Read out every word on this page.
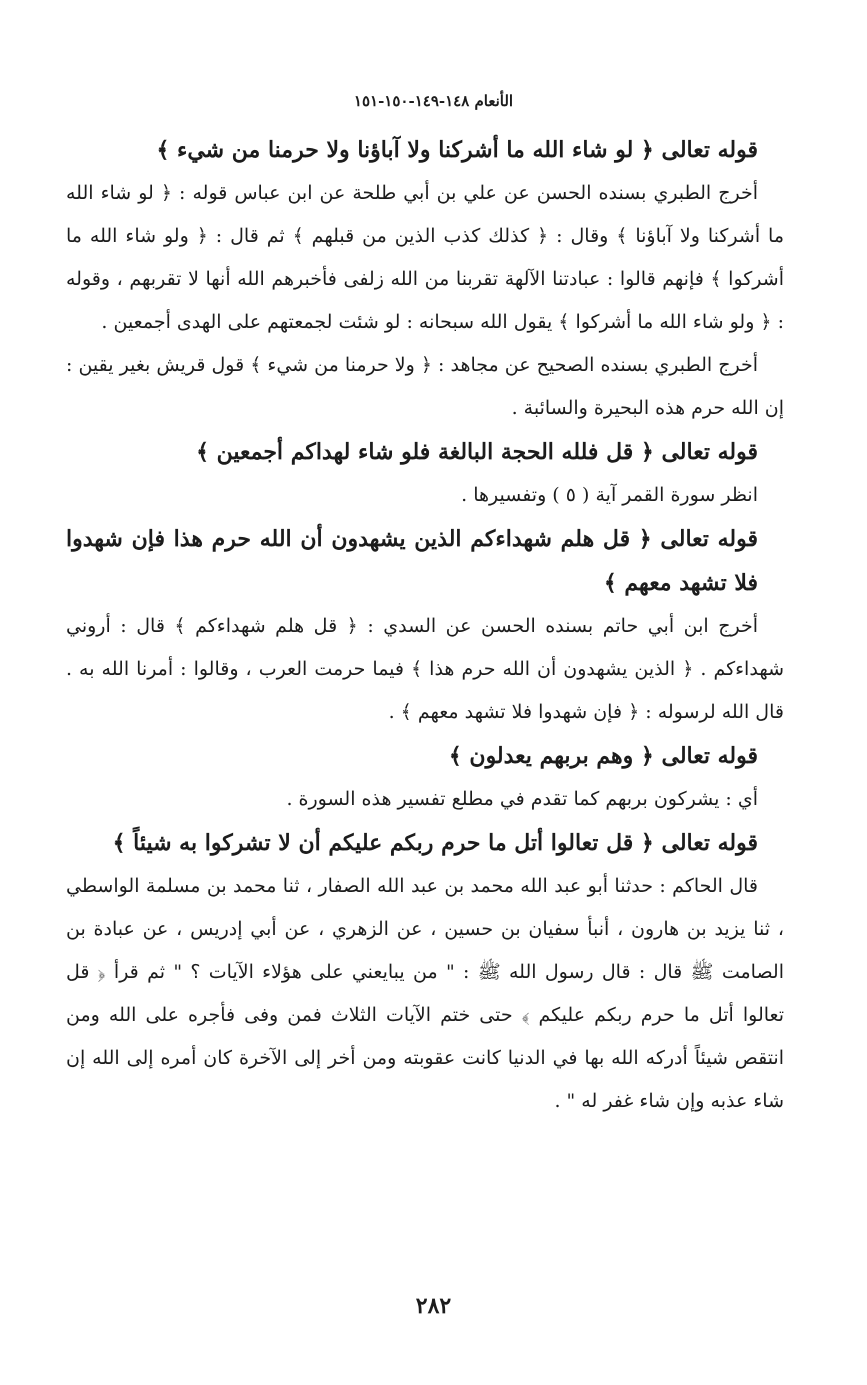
الأنعام ١٤٨-١٤٩-١٥٠-١٥١

قوله تعالى ﴿ لو شاء الله ما أشركنا ولا آباؤنا ولا حرمنا من شيء ﴾

أخرج الطبري بسنده الحسن عن علي بن أبي طلحة عن ابن عباس قوله : ﴿ لو شاء الله ما أشركنا ولا آباؤنا ﴾ وقال : ﴿ كذلك كذب الذين من قبلهم ﴾ ثم قال : ﴿ ولو شاء الله ما أشركوا ﴾ فإنهم قالوا : عبادتنا الآلهة تقربنا من الله زلفى فأخبرهم الله أنها لا تقربهم ، وقوله : ﴿ ولو شاء الله ما أشركوا ﴾ يقول الله سبحانه : لو شئت لجمعتهم على الهدى أجمعين .

أخرج الطبري بسنده الصحيح عن مجاهد : ﴿ ولا حرمنا من شيء ﴾ قول قريش بغير يقين : إن الله حرم هذه البحيرة والسائبة .

قوله تعالى ﴿ قل فلله الحجة البالغة فلو شاء لهداكم أجمعين ﴾

انظر سورة القمر آية ( ٥ ) وتفسيرها .

قوله تعالى ﴿ قل هلم شهداءكم الذين يشهدون أن الله حرم هذا فإن شهدوا فلا تشهد معهم ﴾

أخرج ابن أبي حاتم بسنده الحسن عن السدي : ﴿ قل هلم شهداءكم ﴾ قال : أروني شهداءكم . ﴿ الذين يشهدون أن الله حرم هذا ﴾ فيما حرمت العرب ، وقالوا : أمرنا الله به . قال الله لرسوله : ﴿ فإن شهدوا فلا تشهد معهم ﴾ .

قوله تعالى ﴿ وهم بربهم يعدلون ﴾

أي : يشركون بربهم كما تقدم في مطلع تفسير هذه السورة .

قوله تعالى ﴿ قل تعالوا أتل ما حرم ربكم عليكم أن لا تشركوا به شيئاً ﴾

قال الحاكم : حدثنا أبو عبد الله محمد بن عبد الله الصفار ، ثنا محمد بن مسلمة الواسطي ، ثنا يزيد بن هارون ، أنبأ سفيان بن حسين ، عن الزهري ، عن أبي إدريس ، عن عبادة بن الصامت ﷺ قال : قال رسول الله ﷺ : " من يبايعني على هؤلاء الآيات ؟ " ثم قرأ ﴿ قل تعالوا أتل ما حرم ربكم عليكم ﴾ حتى ختم الآيات الثلاث فمن وفى فأجره على الله ومن انتقص شيئاً أدركه الله بها في الدنيا كانت عقوبته ومن أخر إلى الآخرة كان أمره إلى الله إن شاء عذبه وإن شاء غفر له " .

٢٨٢
